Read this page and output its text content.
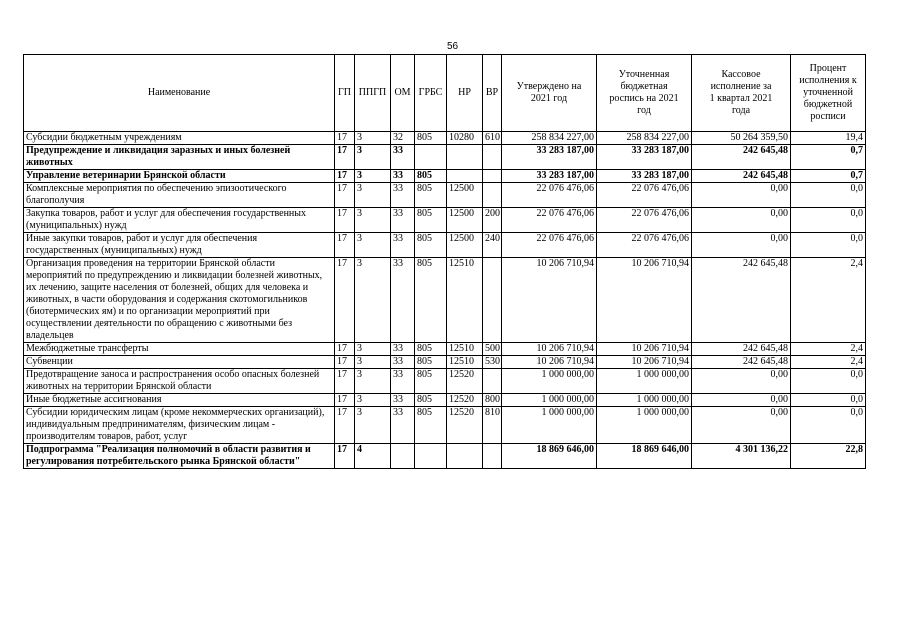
56
Наименование	ГП	ППГП	ОМ	ГРБС	НР	ВР	Утверждено на 2021 год	Уточненная бюджетная роспись на 2021 год	Кассовое исполнение за 1 квартал 2021 года	Процент исполнения к уточненной бюджетной росписи
Субсидии бюджетным учреждениям	17	3	32	805	10280	610	258 834 227,00	258 834 227,00	50 264 359,50	19,4
Предупреждение и ликвидация заразных и иных болезней животных	17	3	33				33 283 187,00	33 283 187,00	242 645,48	0,7
Управление ветеринарии Брянской области	17	3	33	805			33 283 187,00	33 283 187,00	242 645,48	0,7
Комплексные мероприятия по обеспечению эпизоотического благополучия	17	3	33	805	12500		22 076 476,06	22 076 476,06	0,00	0,0
Закупка товаров, работ и услуг для обеспечения государственных (муниципальных) нужд	17	3	33	805	12500	200	22 076 476,06	22 076 476,06	0,00	0,0
Иные закупки товаров, работ и услуг для обеспечения государственных (муниципальных) нужд	17	3	33	805	12500	240	22 076 476,06	22 076 476,06	0,00	0,0
Организация проведения на территории Брянской области мероприятий по предупреждению и ликвидации болезней животных, их лечению, защите населения от болезней, общих для человека и животных, в части оборудования и содержания скотомогильников (биотермических ям) и по организации мероприятий при осуществлении деятельности по обращению с животными без владельцев	17	3	33	805	12510		10 206 710,94	10 206 710,94	242 645,48	2,4
Межбюджетные трансферты	17	3	33	805	12510	500	10 206 710,94	10 206 710,94	242 645,48	2,4
Субвенции	17	3	33	805	12510	530	10 206 710,94	10 206 710,94	242 645,48	2,4
Предотвращение заноса и распространения особо опасных болезней животных на территории Брянской области	17	3	33	805	12520		1 000 000,00	1 000 000,00	0,00	0,0
Иные бюджетные ассигнования	17	3	33	805	12520	800	1 000 000,00	1 000 000,00	0,00	0,0
Субсидии юридическим лицам (кроме некоммерческих организаций), индивидуальным предпринимателям, физическим лицам - производителям товаров, работ, услуг	17	3	33	805	12520	810	1 000 000,00	1 000 000,00	0,00	0,0
Подпрограмма "Реализация полномочий в области развития и регулирования потребительского рынка Брянской области"	17	4					18 869 646,00	18 869 646,00	4 301 136,22	22,8
